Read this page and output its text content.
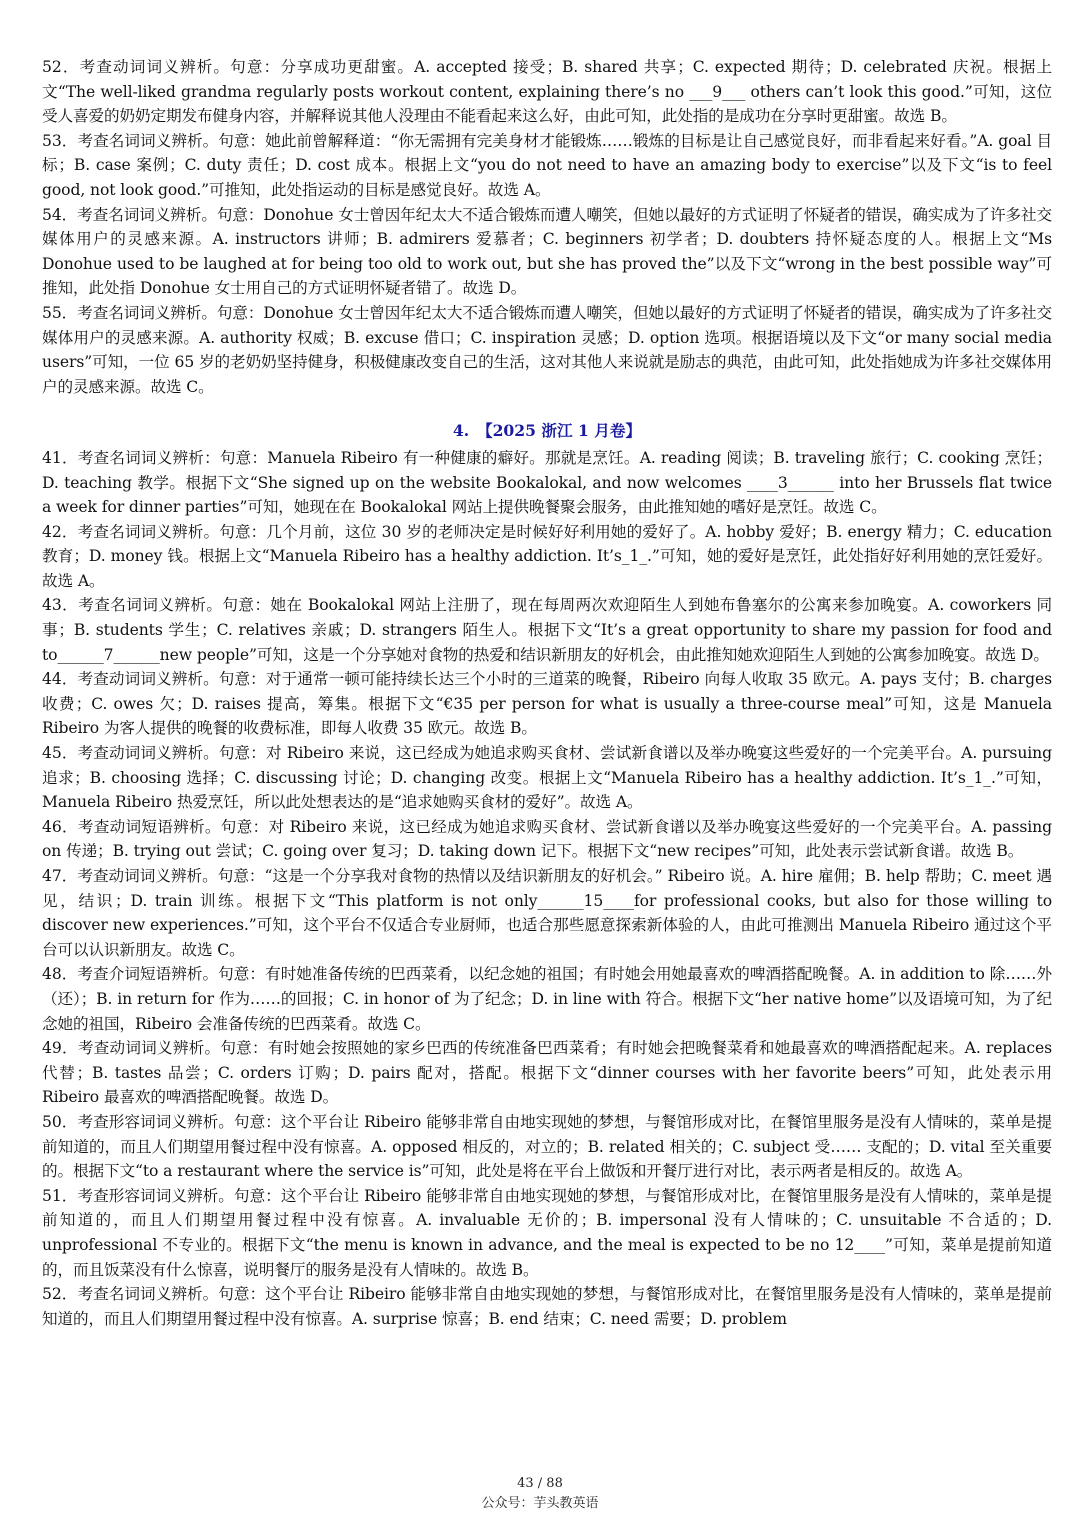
52．考查动词词义辨析。句意：分享成功更甜蜜。A. accepted 接受；B. shared 共享；C. expected 期待；D. celebrated 庆祝。根据上文“The well-liked grandma regularly posts workout content, explaining there’s no ___9___ others can’t look this good.”可知，这位受人喜爱的奶奶定期发布健身内容，并解释说其他人没理由不能看起来这么好，由此可知，此处指的是成功在分享时更甜蜜。故选 B。

53．考查名词词义辨析。句意：她此前曾解释道：“你无需拥有完美身材才能锻炼……锻炼的目标是让自己感觉良好，而非看起来好看。”A. goal 目标；B. case 案例；C. duty 责任；D. cost 成本。根据上文“you do not need to have an amazing body to exercise”以及下文“is to feel good, not look good.”可推知，此处指运动的目标是感觉良好。故选 A。

54．考查名词词义辨析。句意：Donohue 女士曾因年纪太大不适合锻炼而遭人嘲笑，但她以最好的方式证明了怀疑者的错误，确实成为了许多社交媒体用户的灵感来源。A. instructors 讲师；B. admirers 爱慕者；C. beginners 初学者；D. doubters 持怀疑态度的人。根据上文“Ms Donohue used to be laughed at for being too old to work out, but she has proved the”以及下文“wrong in the best possible way”可推知，此处指 Donohue 女士用自己的方式证明怀疑者错了。故选 D。

55．考查名词词义辨析。句意：Donohue 女士曾因年纪太大不适合锻炼而遭人嘲笑，但她以最好的方式证明了怀疑者的错误，确实成为了许多社交媒体用户的灵感来源。A. authority 权威；B. excuse 借口；C. inspiration 灵感；D. option 选项。根据语境以及下文“or many social media users”可知，一位 65 岁的老奶奶坚持健身，积极健康改变自己的生活，这对其他人来说就是励志的典范，由此可知，此处指她成为许多社交媒体用户的灵感来源。故选 C。

4.　【2025 浙江 1 月卷】

41．考查名词词义辨析：句意：Manuela Ribeiro 有一种健康的癖好。那就是烹饪。A. reading 阅读；B. traveling 旅行；C. cooking 烹饪；D. teaching 教学。根据下文“She signed up on the website Bookalokal, and now welcomes ____3______ into her Brussels flat twice a week for dinner parties”可知，她现在在 Bookalokal 网站上提供晚餐聚会服务，由此推知她的嗜好是烹饪。故选 C。

42．考查名词词义辨析。句意：几个月前，这位 30 岁的老师决定是时候好好利用她的爱好了。A. hobby 爱好；B. energy 精力；C. education 教育；D. money 钱。根据上文“Manuela Ribeiro has a healthy addiction. It’s_1_.”可知，她的爱好是烹饪，此处指好好利用她的烹饪爱好。故选 A。

43．考查名词词义辨析。句意：她在 Bookalokal 网站上注册了，现在每周两次欢迎陌生人到她布鲁塞尔的公寓来参加晚宴。A. coworkers 同事；B. students 学生；C. relatives 亲戚；D. strangers 陌生人。根据下文“It’s a great opportunity to share my passion for food and to______7______new people”可知，这是一个分享她对食物的热爱和结识新朋友的好机会，由此推知她欢迎陌生人到她的公寓参加晚宴。故选 D。

44．考查动词词义辨析。句意：对于通常一顿可能持续长达三个小时的三道菜的晚餐，Ribeiro 向每人收取 35 欧元。A. pays 支付；B. charges 收费；C. owes 欠；D. raises 提高，筹集。根据下文“€35 per person for what is usually a three-course meal”可知，这是 Manuela Ribeiro 为客人提供的晚餐的收费标准，即每人收费 35 欧元。故选 B。

45．考查动词词义辨析。句意：对 Ribeiro 来说，这已经成为她追求购买食材、尝试新食谱以及举办晚宴这些爱好的一个完美平台。A. pursuing 追求；B. choosing 选择；C. discussing 讨论；D. changing 改变。根据上文“Manuela Ribeiro has a healthy addiction. It’s_1_.”可知，Manuela Ribeiro 热爱烹饪，所以此处想表达的是“追求她购买食材的爱好”。故选 A。

46．考查动词短语辨析。句意：对 Ribeiro 来说，这已经成为她追求购买食材、尝试新食谱以及举办晚宴这些爱好的一个完美平台。A. passing on 传递；B. trying out 尝试；C. going over 复习；D. taking down 记下。根据下文“new recipes”可知，此处表示尝试新食谱。故选 B。

47．考查动词词义辨析。句意：“这是一个分享我对食物的热情以及结识新朋友的好机会。” Ribeiro 说。A. hire 雇佣；B. help 帮助；C. meet 遇见，结识；D. train 训练。根据下文“This platform is not only______15____for professional cooks, but also for those willing to discover new experiences.”可知，这个平台不仅适合专业厨师，也适合那些愿意探索新体验的人，由此可推测出 Manuela Ribeiro 通过这个平台可以认识新朋友。故选 C。

48．考查介词短语辨析。句意：有时她准备传统的巴西菜肴，以纪念她的祖国；有时她会用她最喜欢的啤酒搭配晚餐。A. in addition to 除……外（还）；B. in return for 作为……的回报；C. in honor of 为了纪念；D. in line with 符合。根据下文“her native home”以及语境可知，为了纪念她的祖国，Ribeiro 会准备传统的巴西菜肴。故选 C。

49．考查动词词义辨析。句意：有时她会按照她的家乡巴西的传统准备巴西菜肴；有时她会把晚餐菜肴和她最喜欢的啤酒搭配起来。A. replaces 代替；B. tastes 品尝；C. orders 订购；D. pairs 配对，搭配。根据下文“dinner courses with her favorite beers”可知，此处表示用 Ribeiro 最喜欢的啤酒搭配晚餐。故选 D。

50．考查形容词词义辨析。句意：这个平台让 Ribeiro 能够非常自由地实现她的梦想，与餐馆形成对比，在餐馆里服务是没有人情味的，菜单是提前知道的，而且人们期望用餐过程中没有惊喜。A. opposed 相反的，对立的；B. related 相关的；C. subject 受…… 支配的；D. vital 至关重要的。根据下文“to a restaurant where the service is”可知，此处是将在平台上做饭和开餐厅进行对比，表示两者是相反的。故选 A。

51．考查形容词词义辨析。句意：这个平台让 Ribeiro 能够非常自由地实现她的梦想，与餐馆形成对比，在餐馆里服务是没有人情味的，菜单是提前知道的，而且人们期望用餐过程中没有惊喜。A. invaluable 无价的；B. impersonal 没有人情味的；C. unsuitable 不合适的；D. unprofessional 不专业的。根据下文“the menu is known in advance, and the meal is expected to be no 12____”可知，菜单是提前知道的，而且饭菜没有什么惊喜，说明餐厅的服务是没有人情味的。故选 B。

52．考查名词词义辨析。句意：这个平台让 Ribeiro 能够非常自由地实现她的梦想，与餐馆形成对比，在餐馆里服务是没有人情味的，菜单是提前知道的，而且人们期望用餐过程中没有惊喜。A. surprise 惊喜；B. end 结束；C. need 需要；D. problem

43 / 88
公众号：芋头教英语
